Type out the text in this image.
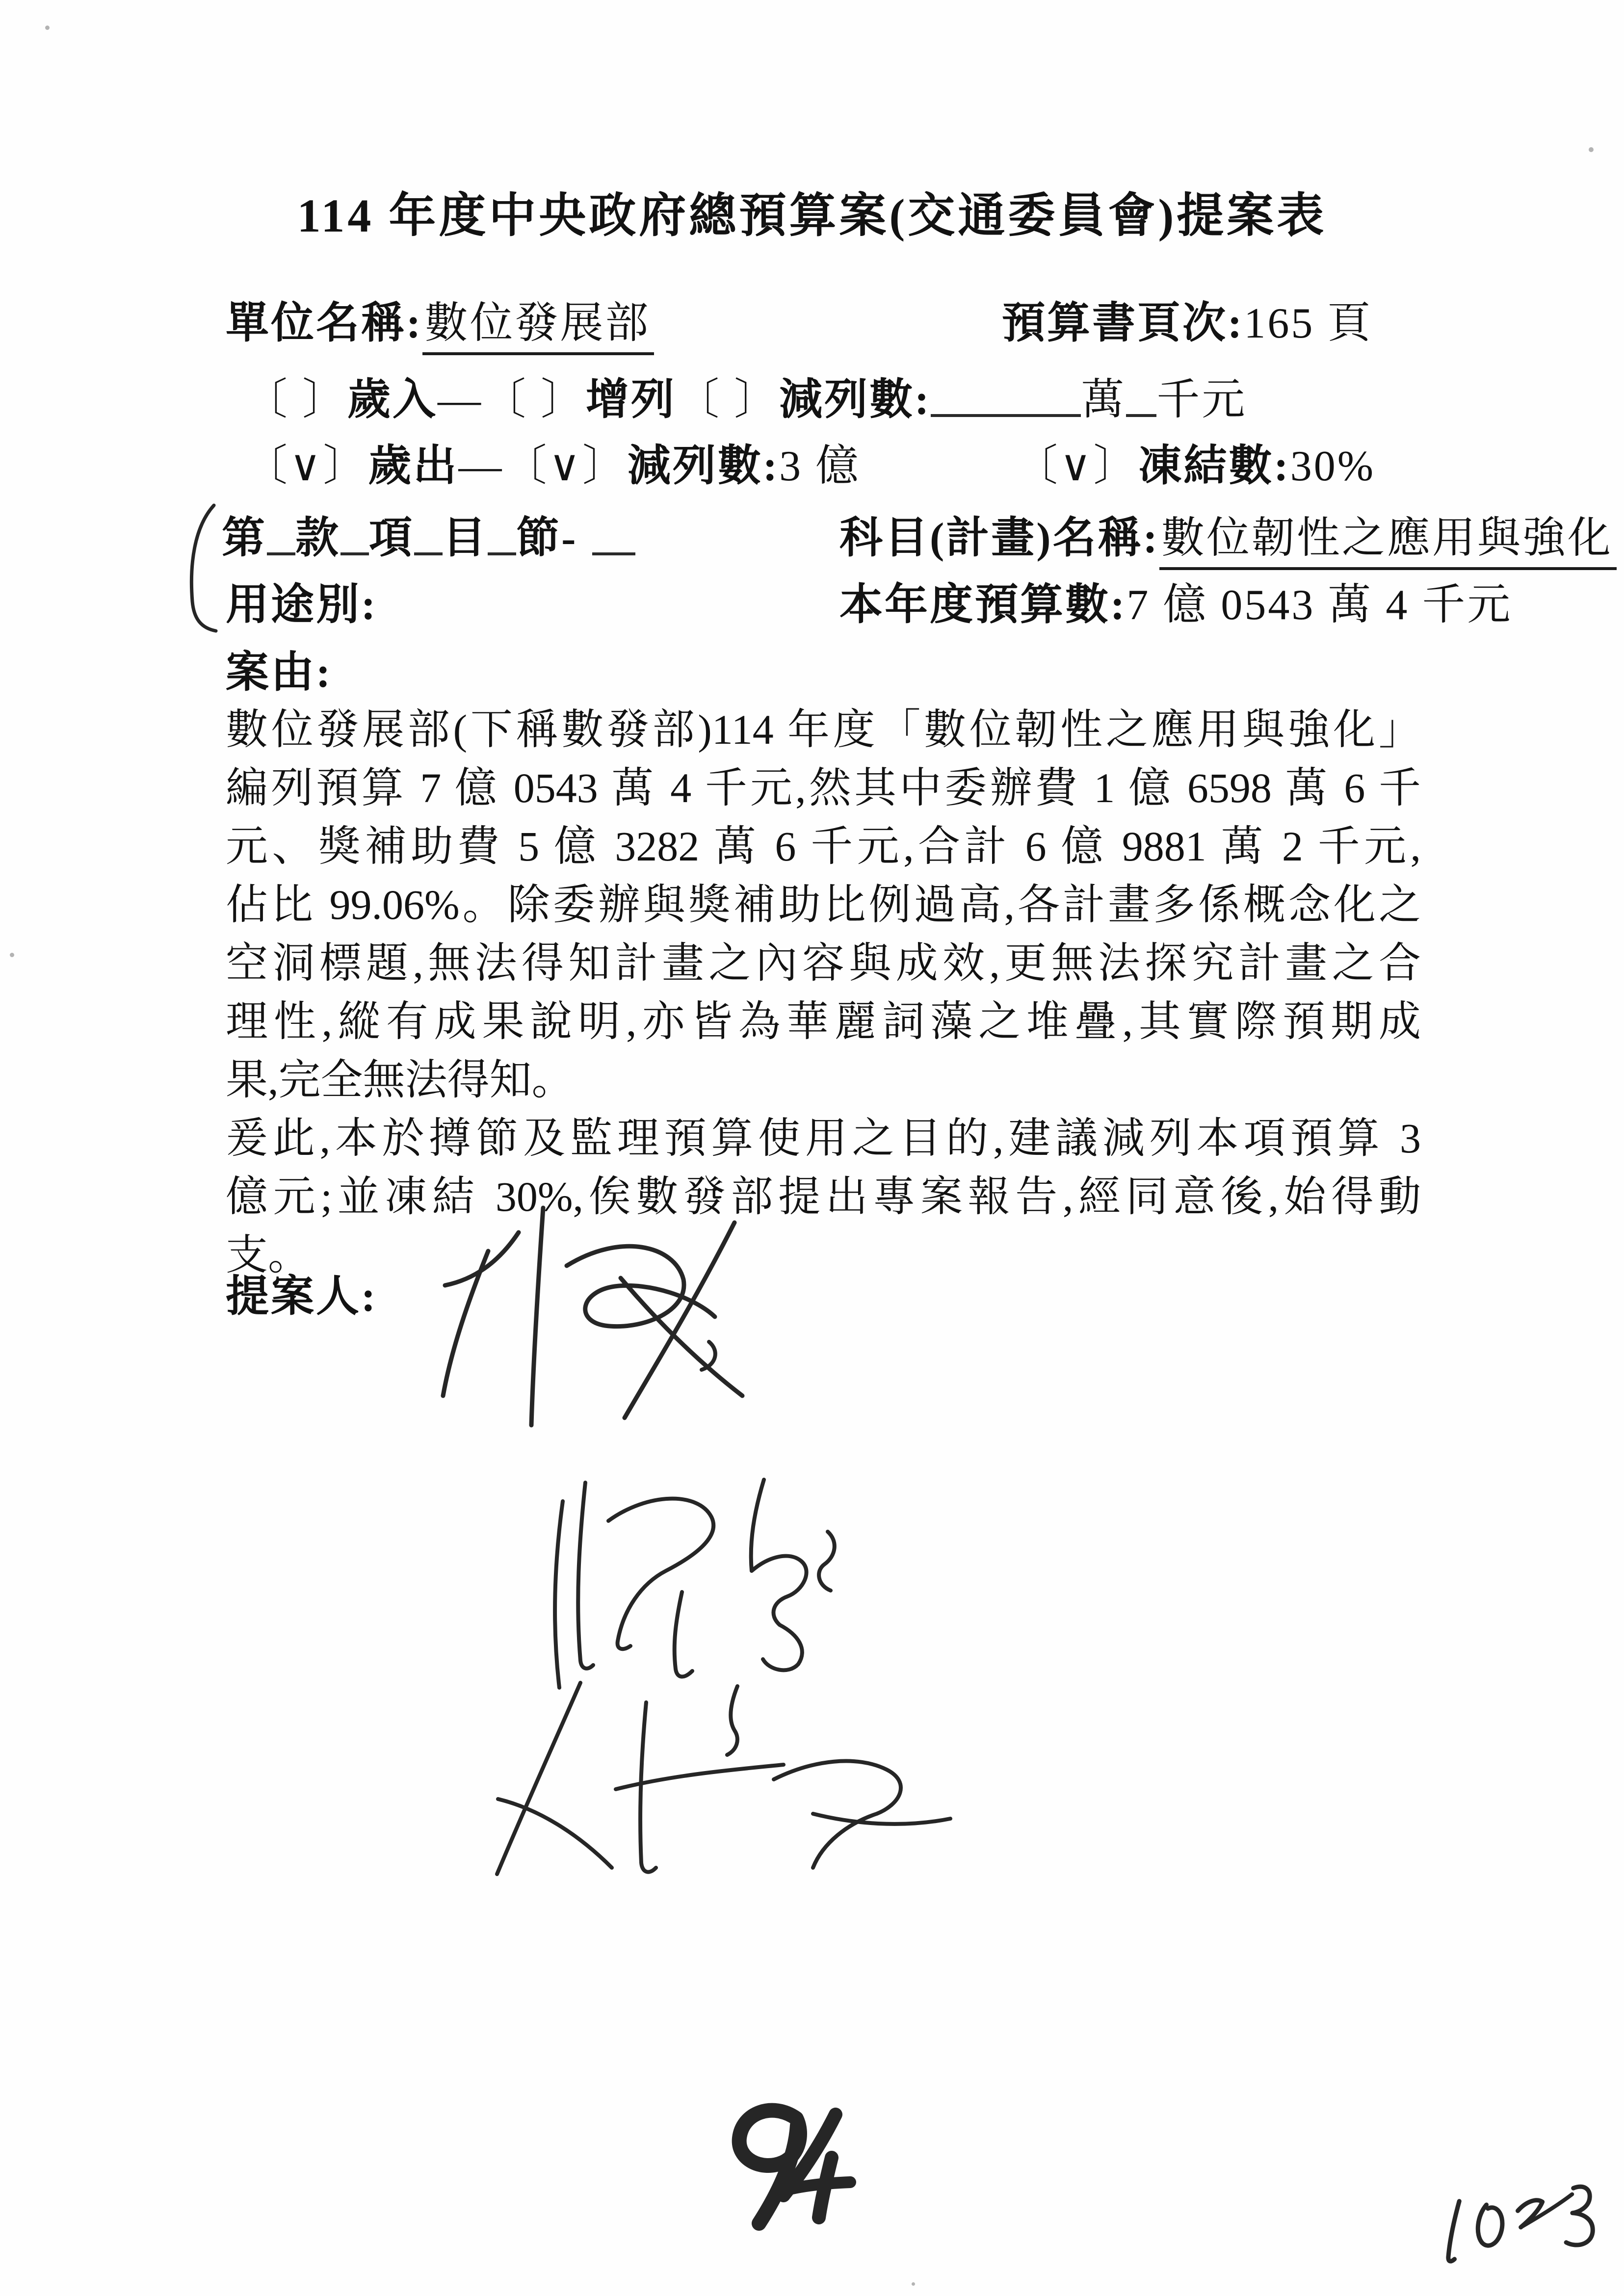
114 年度中央政府總預算案(交通委員會)提案表
單位名稱:數位發展部	預算書頁次:165 頁
〔 〕歲入—〔 〕增列〔 〕減列數:	萬 千元
〔∨〕歲出—〔∨〕減列數:3 億	〔∨〕凍結數:30%
第 款 項 目 節-	科目(計畫)名稱:數位韌性之應用與強化
用途別:	本年度預算數:7 億 0543 萬 4 千元
案由:
數位發展部(下稱數發部)114 年度「數位韌性之應用與強化」
編列預算 7 億 0543 萬 4 千元,然其中委辦費 1 億 6598 萬 6 千
元、獎補助費 5 億 3282 萬 6 千元,合計 6 億 9881 萬 2 千元,
佔比 99.06%。除委辦與獎補助比例過高,各計畫多係概念化之
空洞標題,無法得知計畫之內容與成效,更無法探究計畫之合
理性,縱有成果說明,亦皆為華麗詞藻之堆疊,其實際預期成
果,完全無法得知。
爰此,本於撙節及監理預算使用之目的,建議減列本項預算 3
億元;並凍結 30%,俟數發部提出專案報告,經同意後,始得動
支。
提案人:
